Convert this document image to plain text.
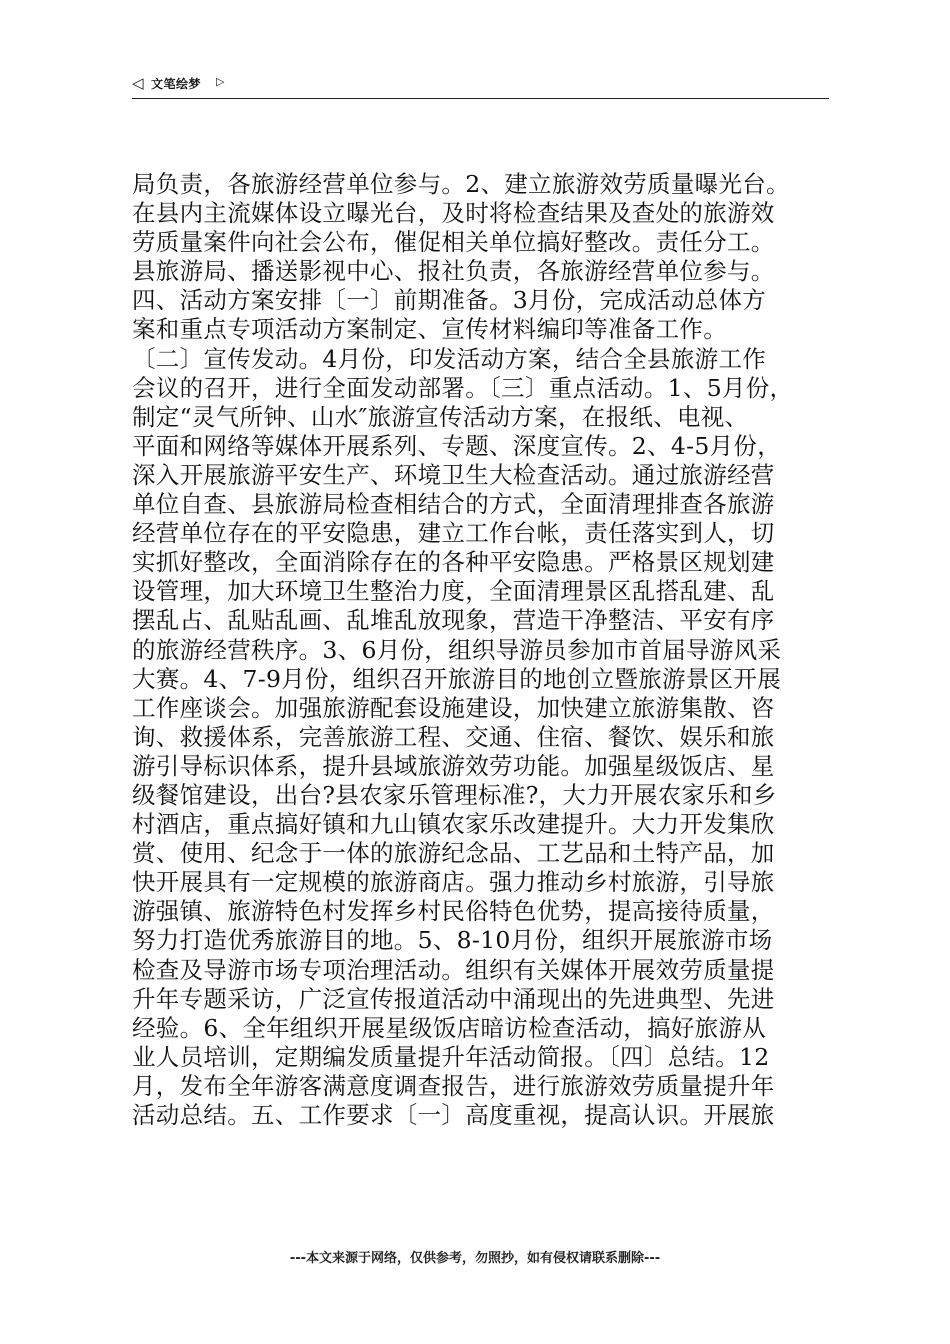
◁ 文笔绘梦 ▷

局负责，各旅游经营单位参与。2、建立旅游效劳质量曝光台。
在县内主流媒体设立曝光台，及时将检查结果及查处的旅游效
劳质量案件向社会公布，催促相关单位搞好整改。责任分工。
县旅游局、播送影视中心、报社负责，各旅游经营单位参与。
四、活动方案安排〔一〕前期准备。3月份，完成活动总体方
案和重点专项活动方案制定、宣传材料编印等准备工作。
〔二〕宣传发动。4月份，印发活动方案，结合全县旅游工作
会议的召开，进行全面发动部署。〔三〕重点活动。1、5月份，
制定“灵气所钟、山水″旅游宣传活动方案，在报纸、电视、
平面和网络等媒体开展系列、专题、深度宣传。2、4-5月份，
深入开展旅游平安生产、环境卫生大检查活动。通过旅游经营
单位自查、县旅游局检查相结合的方式，全面清理排查各旅游
经营单位存在的平安隐患，建立工作台帐，责任落实到人，切
实抓好整改，全面消除存在的各种平安隐患。严格景区规划建
设管理，加大环境卫生整治力度，全面清理景区乱搭乱建、乱
摆乱占、乱贴乱画、乱堆乱放现象，营造干净整洁、平安有序
的旅游经营秩序。3、6月份，组织导游员参加市首届导游风采
大赛。4、7-9月份，组织召开旅游目的地创立暨旅游景区开展
工作座谈会。加强旅游配套设施建设，加快建立旅游集散、咨
询、救援体系，完善旅游工程、交通、住宿、餐饮、娱乐和旅
游引导标识体系，提升县域旅游效劳功能。加强星级饭店、星
级餐馆建设，出台?县农家乐管理标准?，大力开展农家乐和乡
村酒店，重点搞好镇和九山镇农家乐改建提升。大力开发集欣
赏、使用、纪念于一体的旅游纪念品、工艺品和土特产品，加
快开展具有一定规模的旅游商店。强力推动乡村旅游，引导旅
游强镇、旅游特色村发挥乡村民俗特色优势，提高接待质量，
努力打造优秀旅游目的地。5、8-10月份，组织开展旅游市场
检查及导游市场专项治理活动。组织有关媒体开展效劳质量提
升年专题采访，广泛宣传报道活动中涌现出的先进典型、先进
经验。6、全年组织开展星级饭店暗访检查活动，搞好旅游从
业人员培训，定期编发质量提升年活动简报。〔四〕总结。12
月，发布全年游客满意度调查报告，进行旅游效劳质量提升年
活动总结。五、工作要求〔一〕高度重视，提高认识。开展旅

---本文来源于网络，仅供参考，勿照抄，如有侵权请联系删除---
